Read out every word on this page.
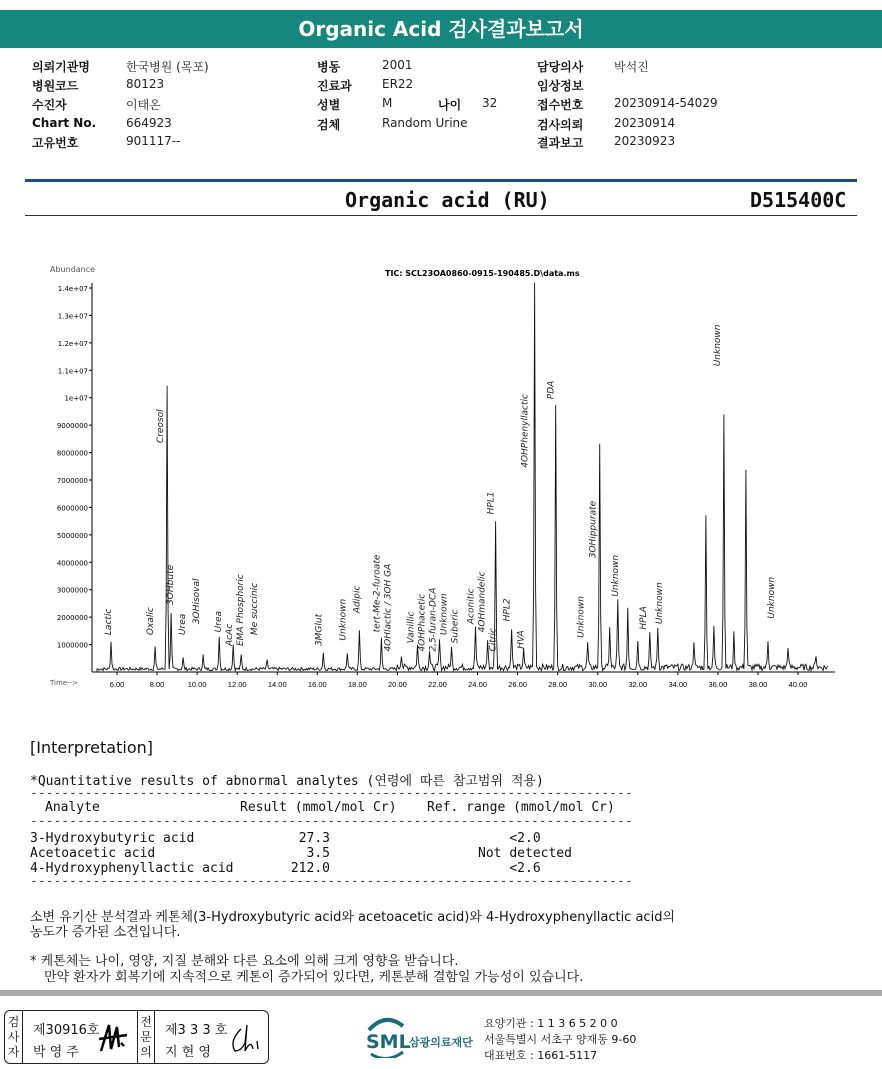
Organic Acid 검사결과보고서
의뢰기관명	한국병원 (목포)
병원코드	80123
수진자	이태온
Chart No. 664923
고유번호	901117--
병동	2001
진료과	ER22
성별	M
검체	Random Urine
나이 32
담당의사	박석진
임상정보
접수번호	20230914-54029
검사의뢰	20230914
결과보고	20230923
Organic acid (RU)	D515400C
Abundance	TIC: SCL23OA0860-0915-190485.D\data.ms
Time-->
1000000
2000000
3000000
4000000
5000000
6000000
7000000
8000000
9000000
1e+07
1.1e+07
1.2e+07
1.3e+07
1.4e+07
6.00	8.00	10.00	12.00	14.00	16.00	18.00	20.00	22.00	24.00	26.00	28.00	30.00	32.00	34.00	36.00	38.00	40.00
Lactic	Oxalic
Creosol
3OHbute
Urea
3OHisoval Urea
AcAc EMA Phosphoric Me succinic	3MGlut Unknown Adipic tert-Me-2-furoate 4OHlactic / 3OH GA Vanillic 4OHPhacetic 2,5-furan-DCA Unknown Suberic
Aconitic 4OHmandelic
HPL1
Citric
HPL2
HVA
4OHPhenyllactic
PDA
Unknown
3OHippurate
Unknown
HPLA Unknown
Unknown
Unknown
[Interpretation]
*Quantitative results of abnormal analytes (연령에 따른 참고범위 적용)
-----------------------------------------------------------------------------
Analyte	Result (mmol/mol Cr) Ref. range (mmol/mol Cr)
-----------------------------------------------------------------------------
3-Hydroxybutyric acid	27.3	<2.0
Acetoacetic acid	3.5	Not detected
4-Hydroxyphenyllactic acid	212.0	<2.6
-----------------------------------------------------------------------------
소변 유기산 분석결과 케톤체(3-Hydroxybutyric acid와 acetoacetic acid)와 4-Hydroxyphenyllactic acid의
농도가 증가된 소견입니다.
* 케톤체는 나이, 영양, 지질 분해와 다른 요소에 의해 크게 영향을 받습니다.
만약 환자가 회복기에 지속적으로 케톤이 증가되어 있다면, 케톤분해 결함일 가능성이 있습니다.
검사자
제30916호
박 영 주
전문의
제3 3 3 호
지 현 영	SML
삼광의료재단
요양기관 : 1 1 3 6 5 2 0 0
서울특별시 서초구 양재동 9-60
대표번호 : 1661-5117
